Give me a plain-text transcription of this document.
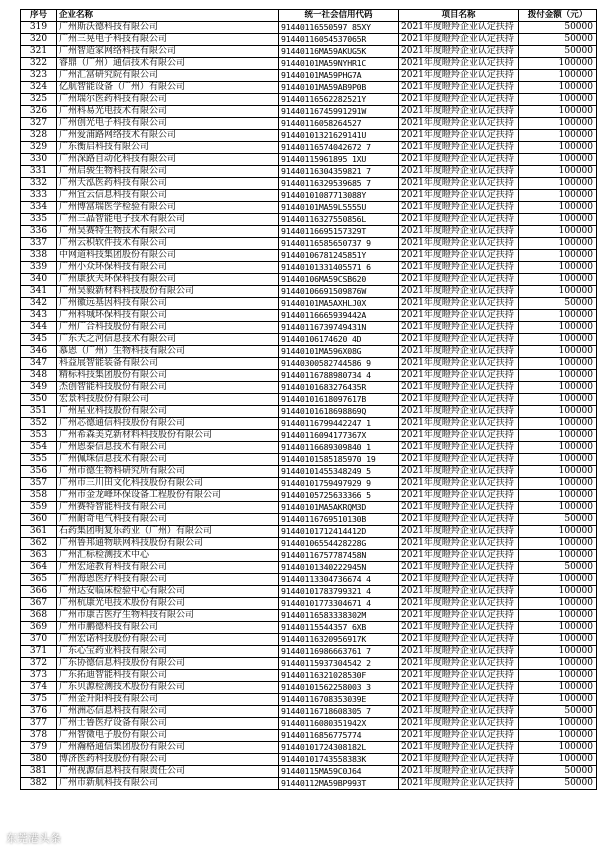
序号	企业名称	统一社会信用代码	项目名称	拨付金额（元）
319	广州斯沃德科技有限公司	91440116550597 85XY	2021年度瞪羚企业认定扶持	50000
320	广州三晃电子科技有限公司	91440116054537065R	2021年度瞪羚企业认定扶持	50000
321	广州智造家网络科技有限公司	91440116MA59AKUG5K	2021年度瞪羚企业认定扶持	50000
322	睿鼎（广州）通信技术有限公司	91440101MA59NYHR1C	2021年度瞪羚企业认定扶持	100000
323	广州汇富研究院有限公司	91440101MA59PHG7A	2021年度瞪羚企业认定扶持	100000
324	亿航智能设备（广州）有限公司	91440101MA59AB9P0B	2021年度瞪羚企业认定扶持	100000
325	广州瑞尔医药科技有限公司	91440116562282521Y	2021年度瞪羚企业认定扶持	100000
326	广州科易光电技术有限公司	91440116745991291W	2021年度瞪羚企业认定扶持	100000
327	广州创光电子科技有限公司	91440116058264527	2021年度瞪羚企业认定扶持	100000
328	广州爱浦路网络技术有限公司	91440101321629141U	2021年度瞪羚企业认定扶持	100000
329	广东衡启科技有限公司	91440116574042672 7	2021年度瞪羚企业认定扶持	100000
330	广州深路自动化科技有限公司	91440115961895 1XU	2021年度瞪羚企业认定扶持	100000
331	广州启骏生物科技有限公司	91440116304359821 7	2021年度瞪羚企业认定扶持	100000
332	广州天泓医药科技有限公司	91440116329539685 7	2021年度瞪羚企业认定扶持	100000
333	广州宜云信息科技有限公司	91440101087713088Y	2021年度瞪羚企业认定扶持	100000
334	广州博富瑞医学检验有限公司	91440101MA59L5555U	2021年度瞪羚企业认定扶持	100000
335	广州三晶智能电子技术有限公司	91440116327550856L	2021年度瞪羚企业认定扶持	100000
336	广州昊赛特生物技术有限公司	91440116695157329T	2021年度瞪羚企业认定扶持	100000
337	广州云积软件技术有限公司	91440116585650737 9	2021年度瞪羚企业认定扶持	100000
338	中网道科技集团股份有限公司	91440106781245851Y	2021年度瞪羚企业认定扶持	100000
339	广州小众环保科技有限公司	91440101331405571 6	2021年度瞪羚企业认定扶持	100000
340	广州康狄夫环保科技有限公司	91440106MA59CSB620	2021年度瞪羚企业认定扶持	100000
341	广州昊毅新材料科技股份有限公司	91440106691509876W	2021年度瞪羚企业认定扶持	100000
342	广州徽远基因科技有限公司	91440101MA5AXHLJ0X	2021年度瞪羚企业认定扶持	50000
343	广州科城环保科技有限公司	91440116665939442A	2021年度瞪羚企业认定扶持	100000
344	广州广合科技股份有限公司	91440116739749431N	2021年度瞪羚企业认定扶持	100000
345	广东天之河信息技术有限公司	91440106174620 4D	2021年度瞪羚企业认定扶持	100000
346	慕恩（广州）生物科技有限公司	91440101MA596X08G	2021年度瞪羚企业认定扶持	100000
347	科益展智能装备有限公司	91440300582744586 9	2021年度瞪羚企业认定扶持	100000
348	精标科技集团股份有限公司	91440116788980734 4	2021年度瞪羚企业认定扶持	100000
349	杰创智能科技股份有限公司	91440101683276435R	2021年度瞪羚企业认定扶持	100000
350	宏景科技股份有限公司	91440101618097617B	2021年度瞪羚企业认定扶持	100000
351	广州星业科技股份有限公司	91440101618698869Q	2021年度瞪羚企业认定扶持	100000
352	广州芯德通信科技股份有限公司	91440116799442247 1	2021年度瞪羚企业认定扶持	100000
353	广州希森美克新材料科技股份有限公司	91440116094177367X	2021年度瞪羚企业认定扶持	100000
354	广州恩泰信息技术有限公司	91440116689309840 1	2021年度瞪羚企业认定扶持	100000
355	广州佩珠信息技术有限公司	91440101585185970 19	2021年度瞪羚企业认定扶持	100000
356	广州市德生物科研究所有限公司	91440101455348249 5	2021年度瞪羚企业认定扶持	100000
357	广州市三川田文化科技股份有限公司	91440101759497929 9	2021年度瞪羚企业认定扶持	100000
358	广州市金龙峰环保设备工程股份有限公司	91440105725633366 5	2021年度瞪羚企业认定扶持	100000
359	广州赛特智能科技有限公司	91440101MA5AKRQM3D	2021年度瞪羚企业认定扶持	100000
360	广州耐奇电气科技有限公司	91440116769510130B	2021年度瞪羚企业认定扶持	50000
361	石药集团明复乐药业（广州）有限公司	91440101712414412D	2021年度瞪羚企业认定扶持	100000
362	广州鲁邦通物联网科技股份有限公司	91440106554428228G	2021年度瞪羚企业认定扶持	100000
363	广州汇标检测技术中心	91440116757787458N	2021年度瞪羚企业认定扶持	100000
364	广州宏途教育科技有限公司	91440101340222945N	2021年度瞪羚企业认定扶持	50000
365	广州海恩医疗科技有限公司	91440113304736674 4	2021年度瞪羚企业认定扶持	100000
366	广州达安临床检验中心有限公司	91440101783799321 4	2021年度瞪羚企业认定扶持	100000
367	广州杭康光电技术股份有限公司	91440101773304671 4	2021年度瞪羚企业认定扶持	100000
368	广州市康吉医疗生物科技有限公司	91440116583338302M	2021年度瞪羚企业认定扶持	100000
369	广州市鹏德科技有限公司	91440115544357 6XB	2021年度瞪羚企业认定扶持	100000
370	广州宏诺科技股份有限公司	91440116320956917K	2021年度瞪羚企业认定扶持	100000
371	广东心宝药业科技有限公司	91440116986663761 7	2021年度瞪羚企业认定扶持	100000
372	广东协德信息科技股份有限公司	91440115937304542 2	2021年度瞪羚企业认定扶持	100000
373	广东拓迪智能科技有限公司	91440116321028530F	2021年度瞪羚企业认定扶持	100000
374	广东贝源检测技术股份有限公司	91440101562258003 3	2021年度瞪羚企业认定扶持	100000
375	广州金升阳科技有限公司	91440116708353039E	2021年度瞪羚企业认定扶持	100000
376	广州洲芯信息科技有限公司	91440116718608305 7	2021年度瞪羚企业认定扶持	50000
377	广州士鲁医疗设备有限公司	91440116080351942X	2021年度瞪羚企业认定扶持	100000
378	广州智微电子股份有限公司	91440116856775774	2021年度瞪羚企业认定扶持	100000
379	广州瀚格通信集团股份有限公司	91440101724308182L	2021年度瞪羚企业认定扶持	100000
380	博济医药科技股份有限公司	91440101743558383K	2021年度瞪羚企业认定扶持	100000
381	广州视源信息科技有限责任公司	91440115MA59C0J64	2021年度瞪羚企业认定扶持	50000
382	广州市新航科技有限公司	91440112MA59BP993T	2021年度瞪羚企业认定扶持	50000
东莞港头条
